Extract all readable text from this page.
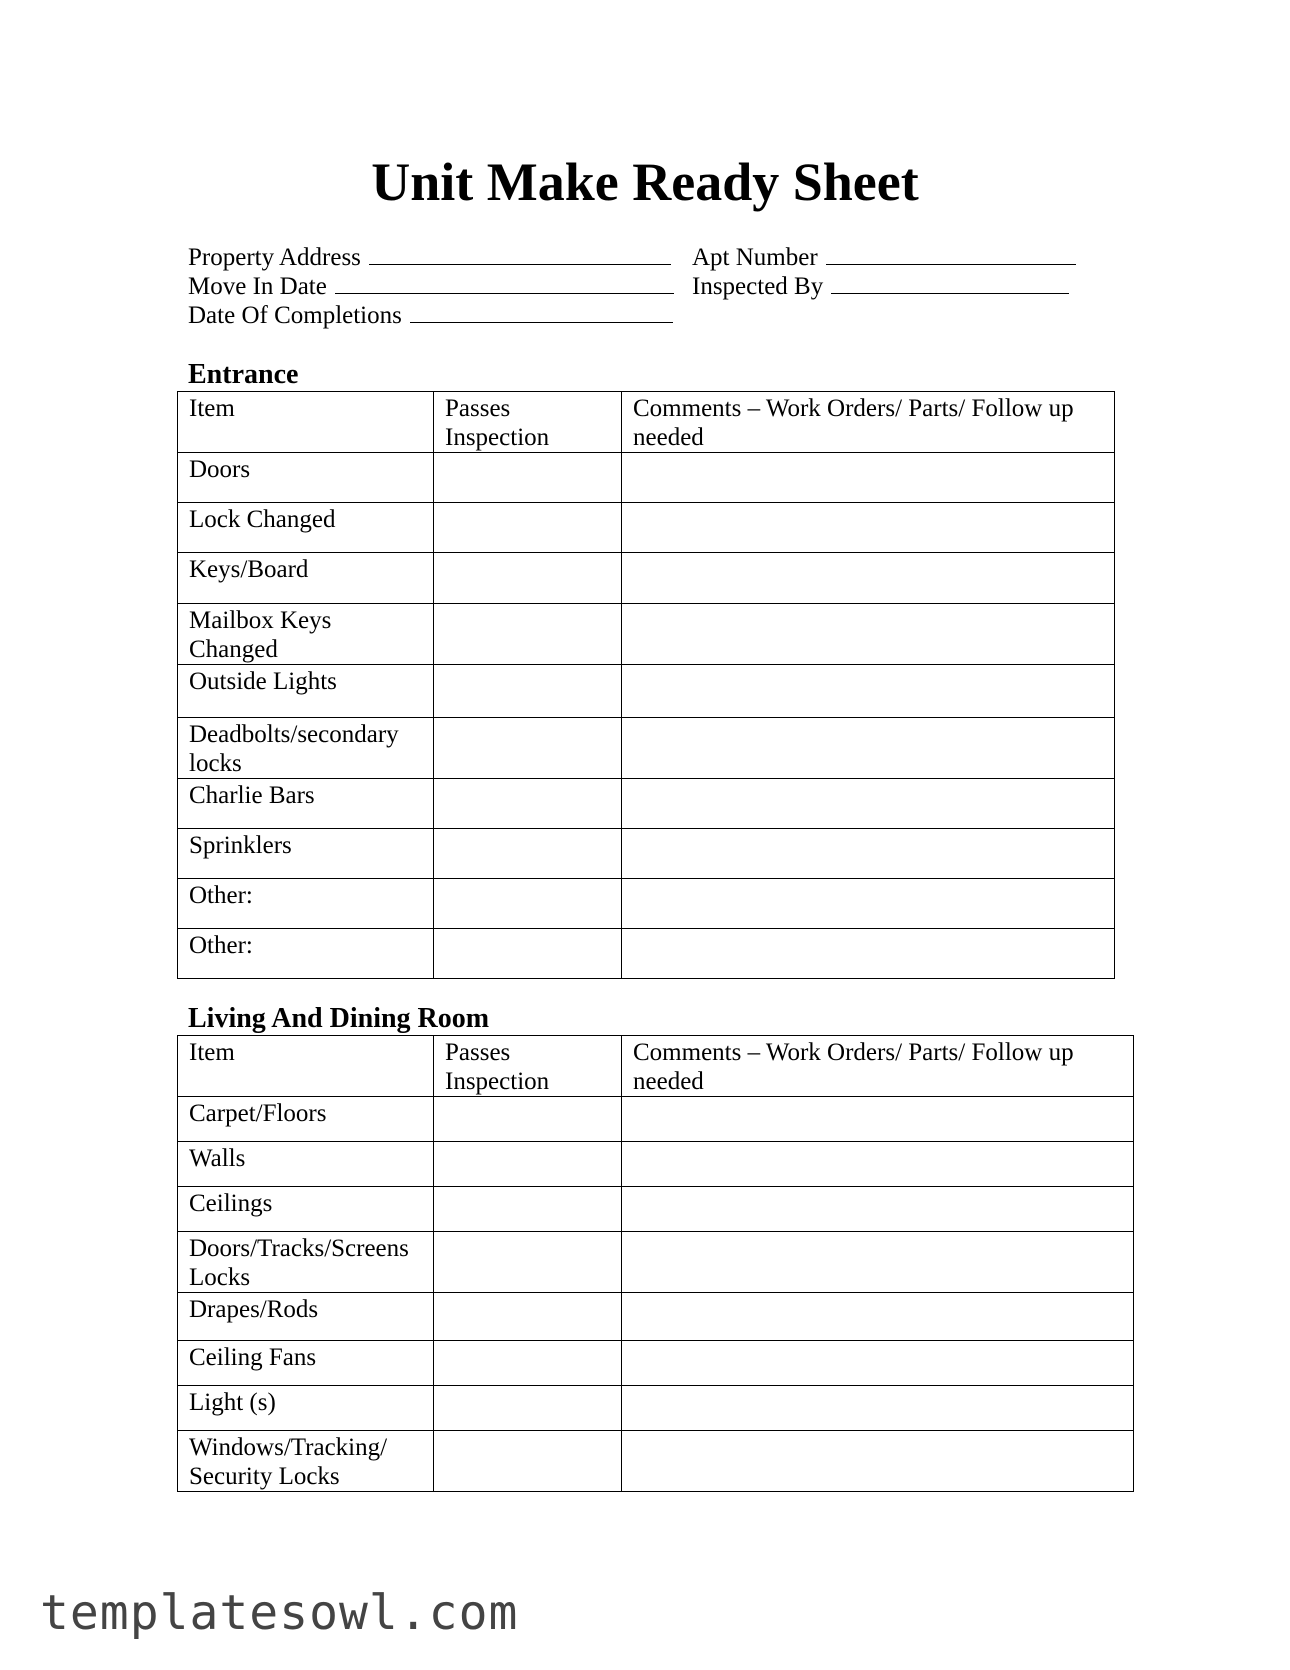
Unit Make Ready Sheet
Property Address	Apt Number
Move In Date	Inspected By
Date Of Completions
Entrance
Item	Passes Inspection	Comments – Work Orders/ Parts/ Follow up needed
Doors		
Lock Changed		
Keys/Board		
Mailbox Keys Changed		
Outside Lights		
Deadbolts/secondary locks		
Charlie Bars		
Sprinklers		
Other:		
Other:		
Living And Dining Room
Item	Passes Inspection	Comments – Work Orders/ Parts/ Follow up needed
Carpet/Floors		
Walls		
Ceilings		
Doors/Tracks/Screens Locks		
Drapes/Rods		
Ceiling Fans		
Light (s)		
Windows/Tracking/ Security Locks		
templatesowl.com
